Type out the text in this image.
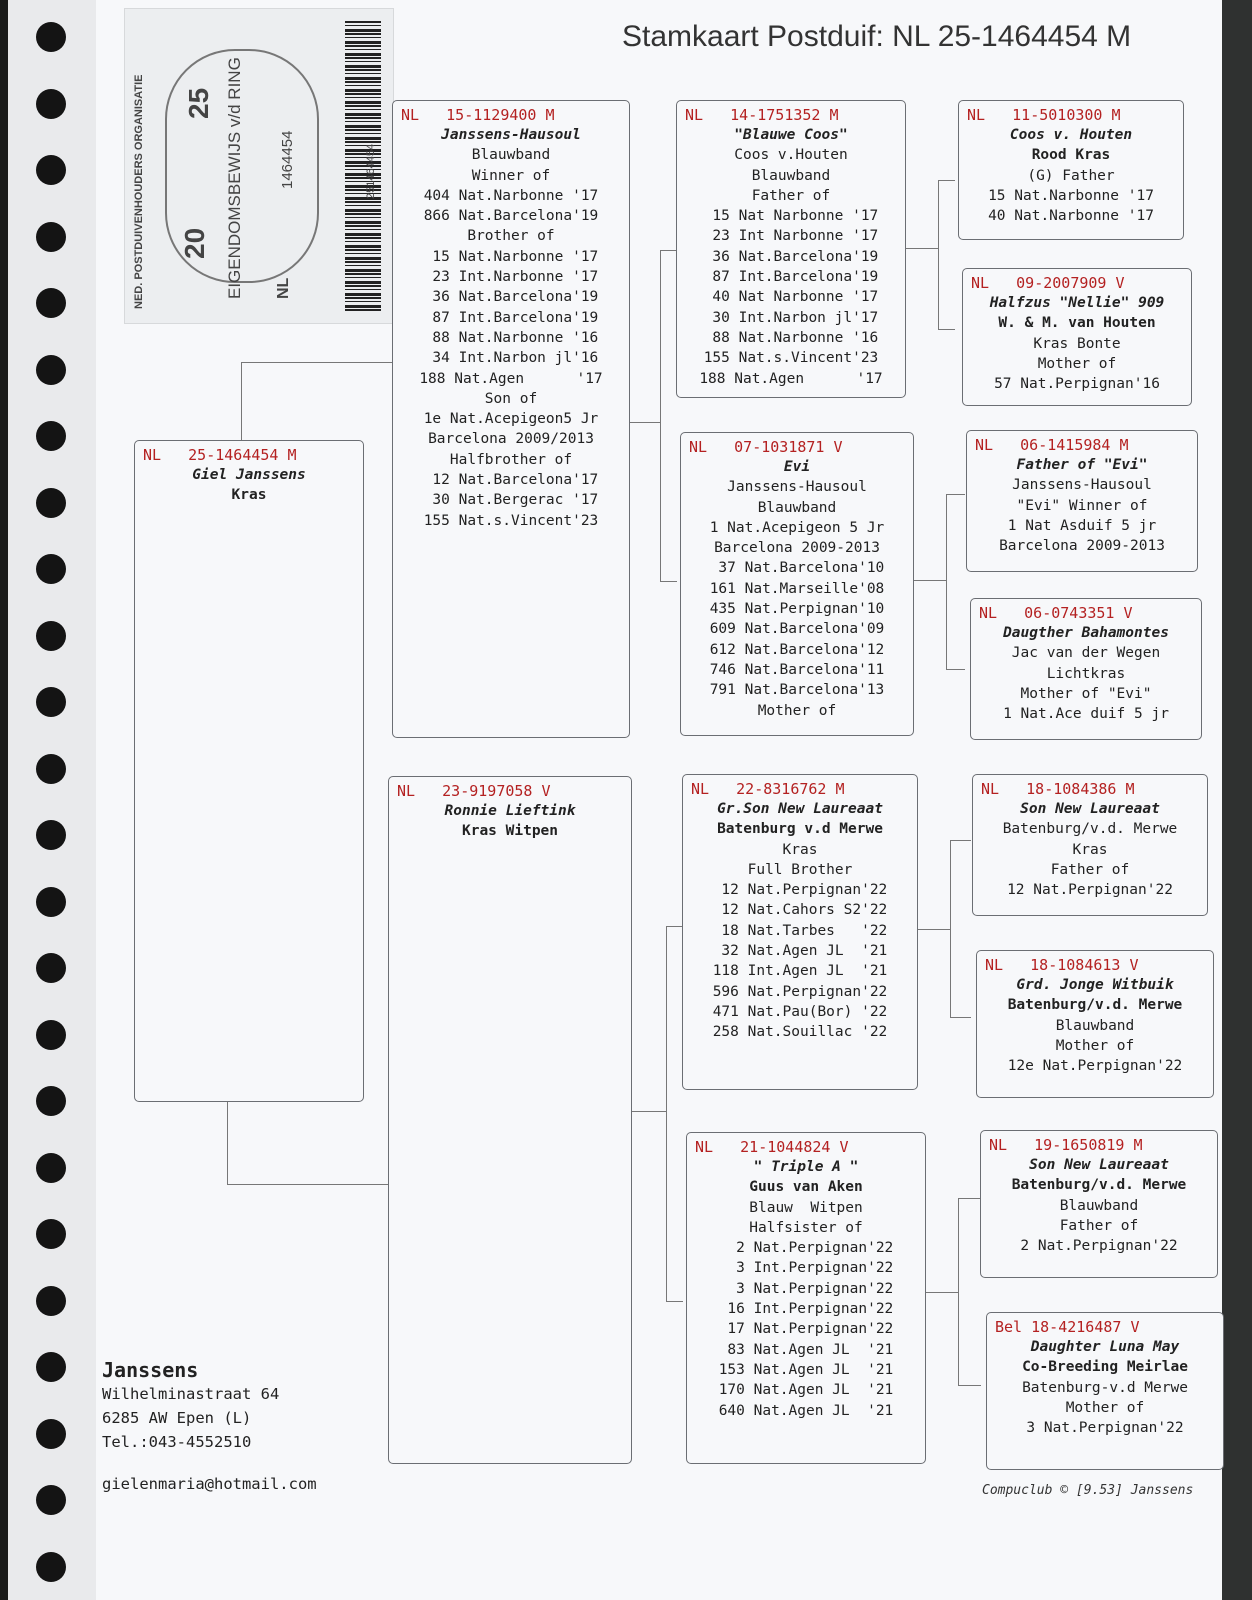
Stamkaart Postduif: NL 25-1464454 M
NED. POSTDUIVENHOUDERS ORGANISATIE	EIGENDOMSBEWIJS v/d RING
20
25
NL
1464454	251464454
NL   25-1464454 M
Giel Janssens
Kras
NL   15-1129400 M
Janssens-Hausoul
Blauwband
Winner of
404 Nat.Narbonne '17
866 Nat.Barcelona'19
Brother of
15 Nat.Narbonne '17
23 Int.Narbonne '17
36 Nat.Barcelona'19
87 Int.Barcelona'19
88 Nat.Narbonne '16
34 Int.Narbon jl'16
188 Nat.Agen      '17
Son of
1e Nat.Acepigeon5 Jr
Barcelona 2009/2013
Halfbrother of
12 Nat.Barcelona'17
30 Nat.Bergerac '17
155 Nat.s.Vincent'23
NL   23-9197058 V
Ronnie Lieftink
Kras Witpen
NL   14-1751352 M
"Blauwe Coos"
Coos v.Houten
Blauwband
Father of
15 Nat Narbonne '17
23 Int Narbonne '17
36 Nat.Barcelona'19
87 Int.Barcelona'19
40 Nat Narbonne '17
30 Int.Narbon jl'17
88 Nat.Narbonne '16
155 Nat.s.Vincent'23
188 Nat.Agen      '17
NL   07-1031871 V
Evi
Janssens-Hausoul
Blauwband
1 Nat.Acepigeon 5 Jr
Barcelona 2009-2013
37 Nat.Barcelona'10
161 Nat.Marseille'08
435 Nat.Perpignan'10
609 Nat.Barcelona'09
612 Nat.Barcelona'12
746 Nat.Barcelona'11
791 Nat.Barcelona'13
Mother of
NL   22-8316762 M
Gr.Son New Laureaat
Batenburg v.d Merwe
Kras
Full Brother
12 Nat.Perpignan'22
12 Nat.Cahors S2'22
18 Nat.Tarbes   '22
32 Nat.Agen JL  '21
118 Int.Agen JL  '21
596 Nat.Perpignan'22
471 Nat.Pau(Bor) '22
258 Nat.Souillac '22
NL   21-1044824 V
" Triple A "
Guus van Aken
Blauw  Witpen
Halfsister of
2 Nat.Perpignan'22
3 Int.Perpignan'22
3 Nat.Perpignan'22
16 Int.Perpignan'22
17 Nat.Perpignan'22
83 Nat.Agen JL  '21
153 Nat.Agen JL  '21
170 Nat.Agen JL  '21
640 Nat.Agen JL  '21
NL   11-5010300 M
Coos v. Houten
Rood Kras
(G) Father
15 Nat.Narbonne '17
40 Nat.Narbonne '17
NL   09-2007909 V
Halfzus "Nellie" 909
W. & M. van Houten
Kras Bonte
Mother of
57 Nat.Perpignan'16
NL   06-1415984 M
Father of "Evi"
Janssens-Hausoul
"Evi" Winner of
1 Nat Asduif 5 jr
Barcelona 2009-2013
NL   06-0743351 V
Daugther Bahamontes
Jac van der Wegen
Lichtkras
Mother of "Evi"
1 Nat.Ace duif 5 jr
NL   18-1084386 M
Son New Laureaat
Batenburg/v.d. Merwe
Kras
Father of
12 Nat.Perpignan'22
NL   18-1084613 V
Grd. Jonge Witbuik
Batenburg/v.d. Merwe
Blauwband
Mother of
12e Nat.Perpignan'22
NL   19-1650819 M
Son New Laureaat
Batenburg/v.d. Merwe
Blauwband
Father of
2 Nat.Perpignan'22
Bel 18-4216487 V
Daughter Luna May
Co-Breeding Meirlae
Batenburg-v.d Merwe
Mother of
3 Nat.Perpignan'22
Janssens
Wilhelminastraat 64
6285 AW Epen (L)
Tel.:043-4552510
gielenmaria@hotmail.com	Compuclub © [9.53] Janssens
